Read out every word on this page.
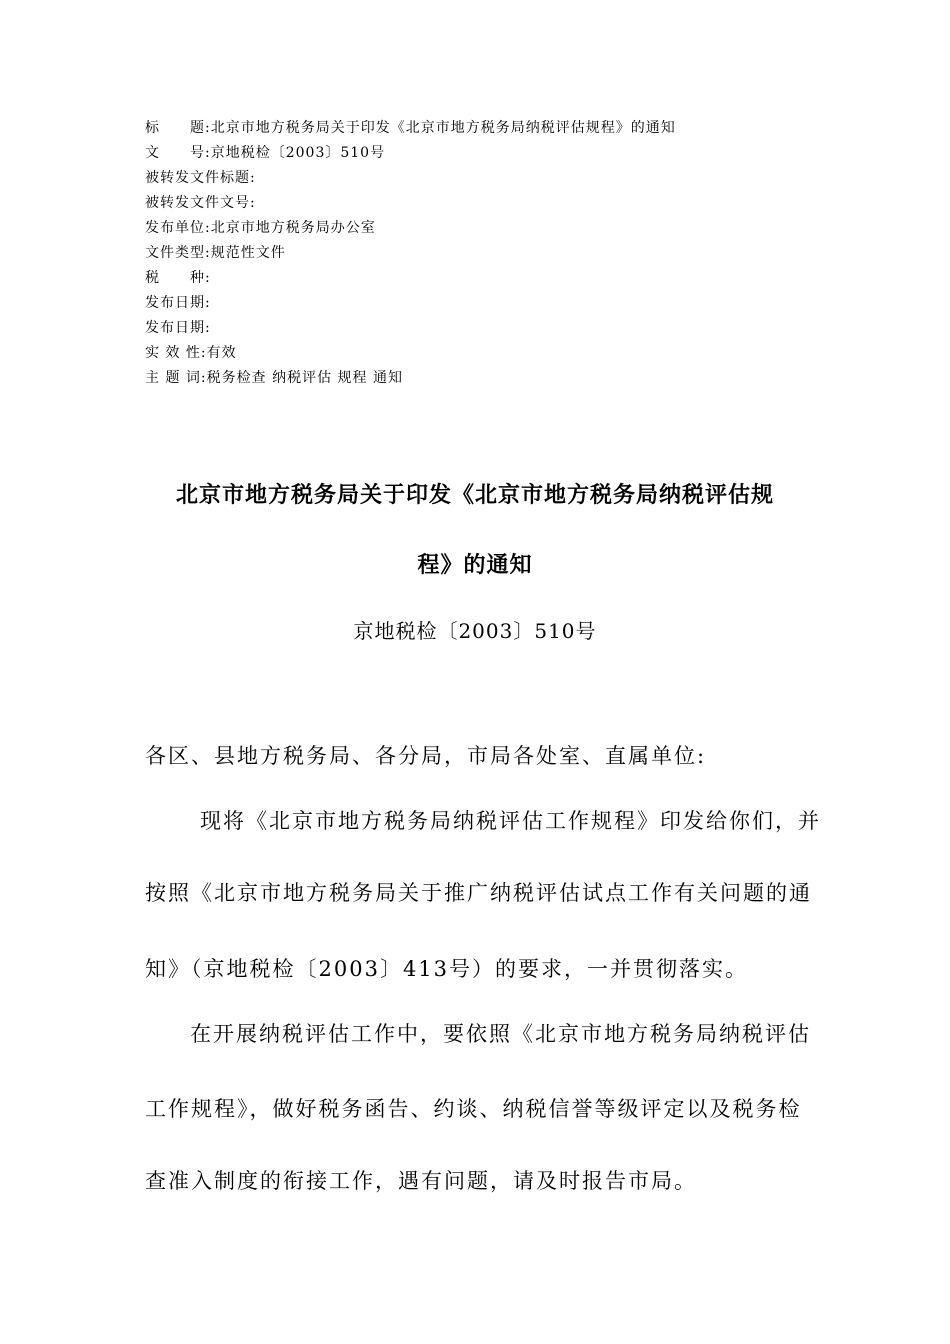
标　　题:北京市地方税务局关于印发《北京市地方税务局纳税评估规程》的通知
文　　号:京地税检〔2003〕510号
被转发文件标题:
被转发文件文号:
发布单位:北京市地方税务局办公室
文件类型:规范性文件
税　　种:
发布日期:
发布日期:
实 效 性:有效
主 题 词:税务检查 纳税评估 规程 通知
北京市地方税务局关于印发《北京市地方税务局纳税评估规
程》的通知
京地税检〔2003〕510号
各区、县地方税务局、各分局，市局各处室、直属单位:
现将《北京市地方税务局纳税评估工作规程》印发给你们，并
按照《北京市地方税务局关于推广纳税评估试点工作有关问题的通
知》（京地税检〔2003〕413号）的要求，一并贯彻落实。
在开展纳税评估工作中，要依照《北京市地方税务局纳税评估
工作规程》，做好税务函告、约谈、纳税信誉等级评定以及税务检
查准入制度的衔接工作，遇有问题，请及时报告市局。
